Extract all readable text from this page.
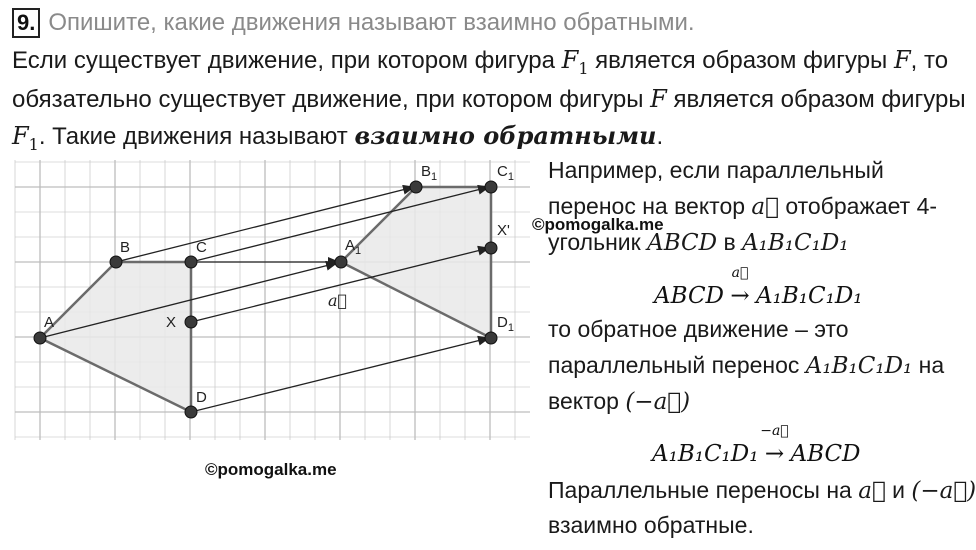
9. Опишите, какие движения называют взаимно обратными.
Если существует движение, при котором фигура $F_1$ является образом фигуры F, то
обязательно существует движение, при котором фигуры F является образом фигуры
$F_1$. Такие движения называют взаимно обратными.
A
B	C
X
D
$A_1$
$B_1$	$C_1$
X'
$D_1$
a⃗
©pomogalka.me
©pomogalka.me
Например, если параллельный
перенос на вектор a⃗ отображает 4-
угольник ABCD в A₁B₁C₁D₁
ABCD
a⃗
→ A₁B₁C₁D₁
то обратное движение – это
параллельный перенос A₁B₁C₁D₁ на
вектор (−a⃗)
A₁B₁C₁D₁
−a⃗
→ ABCD
Параллельные переносы на a⃗ и (−a⃗)
взаимно обратные.
